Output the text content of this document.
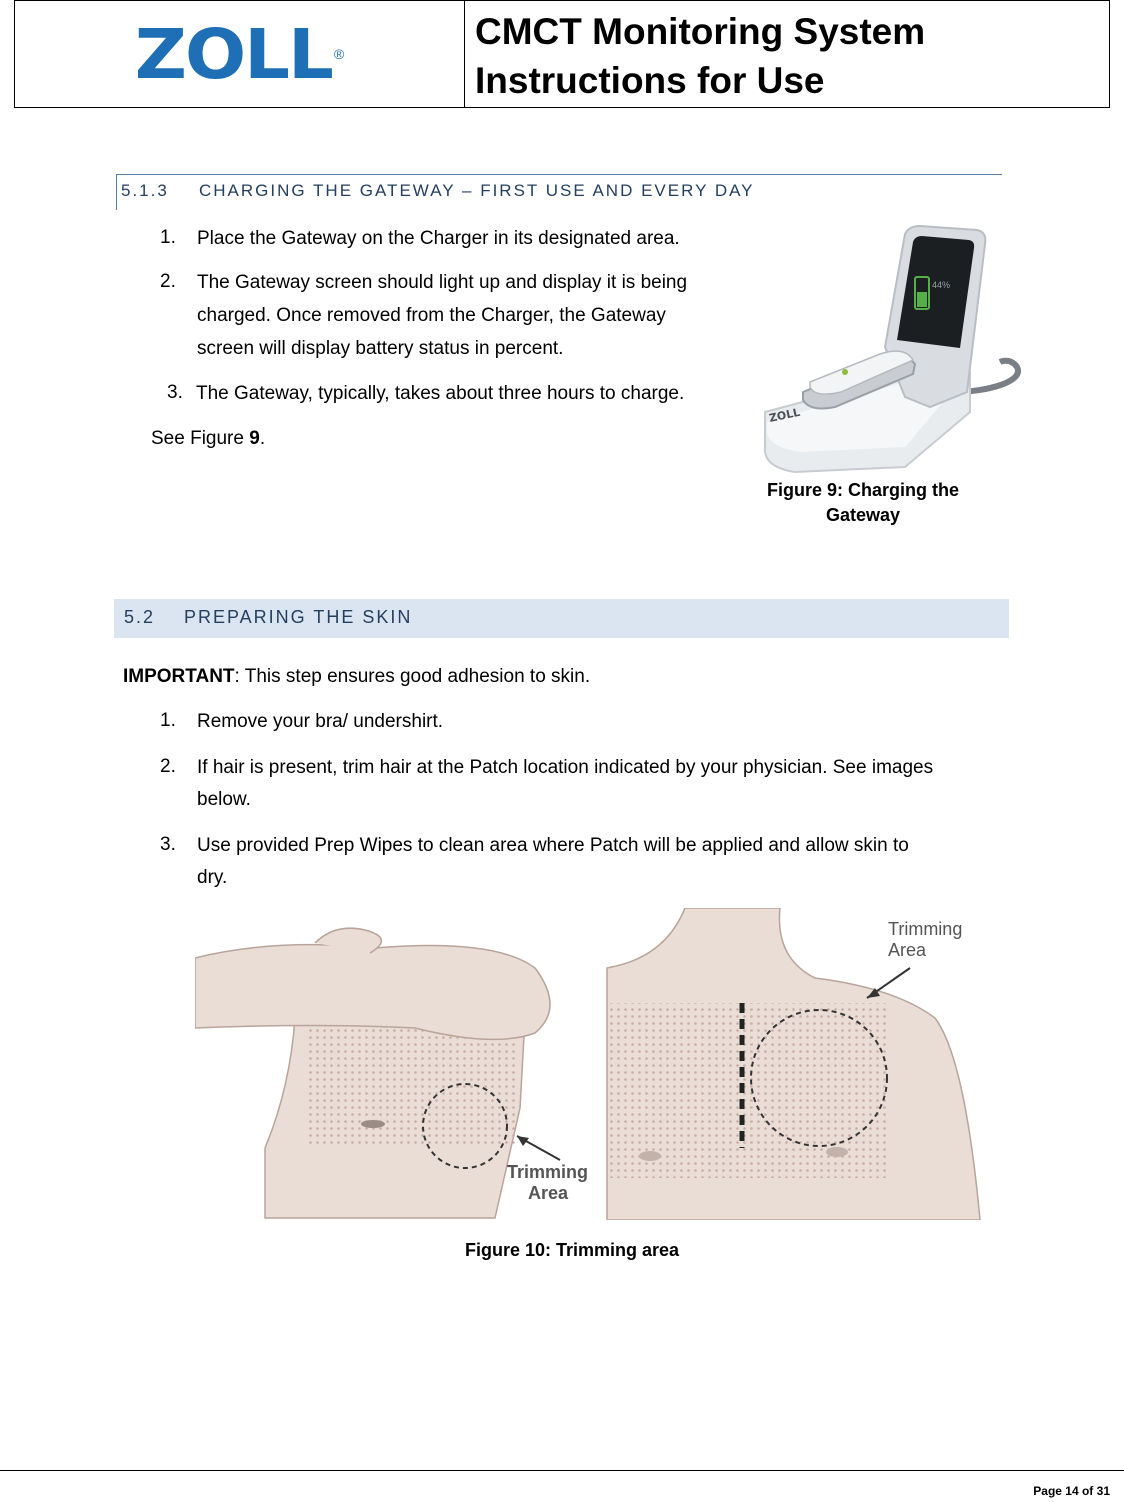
ZOLL ®
CMCT Monitoring System
Instructions for Use
5.1.3 CHARGING THE GATEWAY – FIRST USE AND EVERY DAY
1. Place the Gateway on the Charger in its designated area.
2. The Gateway screen should light up and display it is being
charged. Once removed from the Charger, the Gateway
screen will display battery status in percent.
3. The Gateway, typically, takes about three hours to charge.
See Figure 9.
44%
ZOLL
Figure 9: Charging the
Gateway
5.2 PREPARING THE SKIN
IMPORTANT: This step ensures good adhesion to skin.
1. Remove your bra/ undershirt.
2. If hair is present, trim hair at the Patch location indicated by your physician. See images
below.
3. Use provided Prep Wipes to clean area where Patch will be applied and allow skin to
dry.
Trimming
Area
Trimming
Area
Figure 10: Trimming area
Page 14 of 31
